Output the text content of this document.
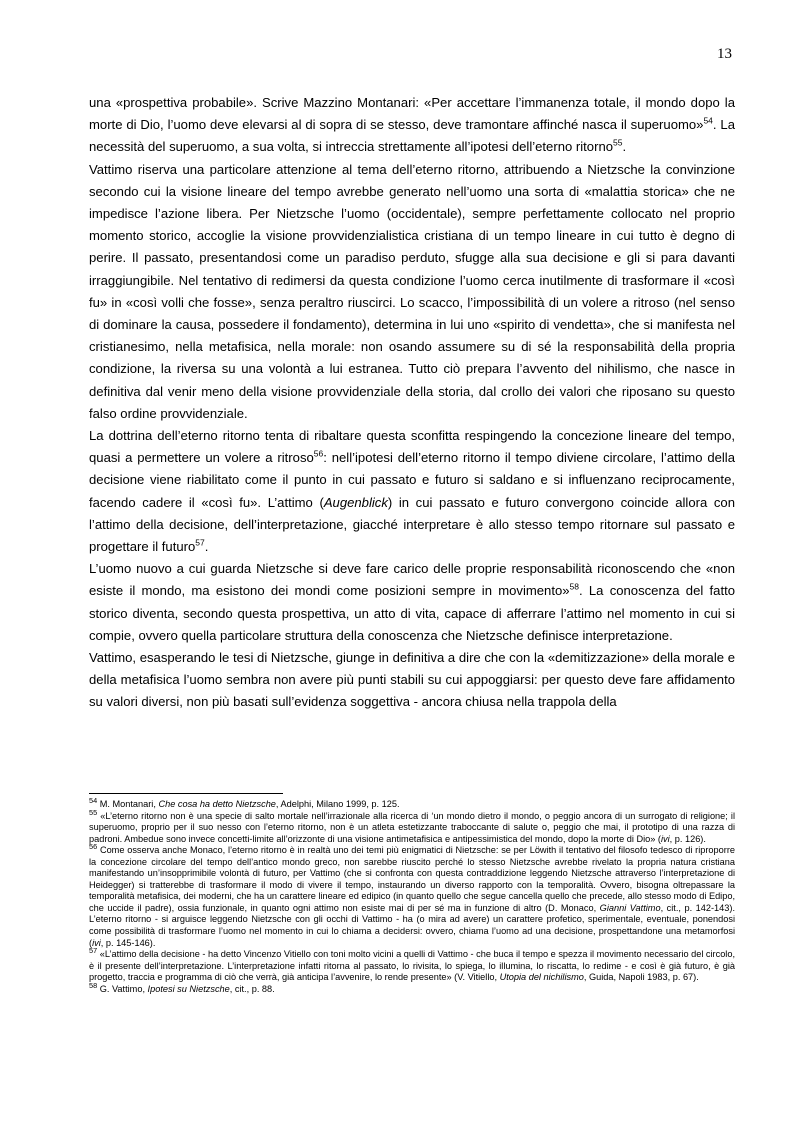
13

una «prospettiva probabile». Scrive Mazzino Montanari: «Per accettare l’immanenza totale, il mondo dopo la morte di Dio, l’uomo deve elevarsi al di sopra di se stesso, deve tramontare affinché nasca il superuomo»$^{54}$. La necessità del superuomo, a sua volta, si intreccia strettamente all’ipotesi dell’eterno ritorno$^{55}$.

Vattimo riserva una particolare attenzione al tema dell’eterno ritorno, attribuendo a Nietzsche la convinzione secondo cui la visione lineare del tempo avrebbe generato nell’uomo una sorta di «malattia storica» che ne impedisce l’azione libera. Per Nietzsche l’uomo (occidentale), sempre perfettamente collocato nel proprio momento storico, accoglie la visione provvidenzialistica cristiana di un tempo lineare in cui tutto è degno di perire. Il passato, presentandosi come un paradiso perduto, sfugge alla sua decisione e gli si para davanti irraggiungibile. Nel tentativo di redimersi da questa condizione l’uomo cerca inutilmente di trasformare il «così fu» in «così volli che fosse», senza peraltro riuscirci. Lo scacco, l’impossibilità di un volere a ritroso (nel senso di dominare la causa, possedere il fondamento), determina in lui uno «spirito di vendetta», che si manifesta nel cristianesimo, nella metafisica, nella morale: non osando assumere su di sé la responsabilità della propria condizione, la riversa su una volontà a lui estranea. Tutto ciò prepara l’avvento del nihilismo, che nasce in definitiva dal venir meno della visione provvidenziale della storia, dal crollo dei valori che riposano su questo falso ordine provvidenziale.

La dottrina dell’eterno ritorno tenta di ribaltare questa sconfitta respingendo la concezione lineare del tempo, quasi a permettere un volere a ritroso$^{56}$: nell’ipotesi dell’eterno ritorno il tempo diviene circolare, l’attimo della decisione viene riabilitato come il punto in cui passato e futuro si saldano e si influenzano reciprocamente, facendo cadere il «così fu». L’attimo (Augenblick) in cui passato e futuro convergono coincide allora con l’attimo della decisione, dell’interpretazione, giacché interpretare è allo stesso tempo ritornare sul passato e progettare il futuro$^{57}$.

L’uomo nuovo a cui guarda Nietzsche si deve fare carico delle proprie responsabilità riconoscendo che «non esiste il mondo, ma esistono dei mondi come posizioni sempre in movimento»$^{58}$. La conoscenza del fatto storico diventa, secondo questa prospettiva, un atto di vita, capace di afferrare l’attimo nel momento in cui si compie, ovvero quella particolare struttura della conoscenza che Nietzsche definisce interpretazione.

Vattimo, esasperando le tesi di Nietzsche, giunge in definitiva a dire che con la «demitizzazione» della morale e della metafisica l’uomo sembra non avere più punti stabili su cui appoggiarsi: per questo deve fare affidamento su valori diversi, non più basati sull’evidenza soggettiva - ancora chiusa nella trappola della

$^{54}$ M. Montanari, Che cosa ha detto Nietzsche, Adelphi, Milano 1999, p. 125.

$^{55}$ «L’eterno ritorno non è una specie di salto mortale nell’irrazionale alla ricerca di ‘un mondo dietro il mondo, o peggio ancora di un surrogato di religione; il superuomo, proprio per il suo nesso con l’eterno ritorno, non è un atleta estetizzante traboccante di salute o, peggio che mai, il prototipo di una razza di padroni. Ambedue sono invece concetti-limite all’orizzonte di una visione antimetafisica e antipessimistica del mondo, dopo la morte di Dio» (ivi, p. 126).

$^{56}$ Come osserva anche Monaco, l’eterno ritorno è in realtà uno dei temi più enigmatici di Nietzsche: se per Löwith il tentativo del filosofo tedesco di riproporre la concezione circolare del tempo dell’antico mondo greco, non sarebbe riuscito perché lo stesso Nietzsche avrebbe rivelato la propria natura cristiana manifestando un’insopprimibile volontà di futuro, per Vattimo (che si confronta con questa contraddizione leggendo Nietzsche attraverso l’interpretazione di Heidegger) si tratterebbe di trasformare il modo di vivere il tempo, instaurando un diverso rapporto con la temporalità. Ovvero, bisogna oltrepassare la temporalità metafisica, dei moderni, che ha un carattere lineare ed edipico (in quanto quello che segue cancella quello che precede, allo stesso modo di Edipo, che uccide il padre), ossia funzionale, in quanto ogni attimo non esiste mai di per sé ma in funzione di altro (D. Monaco, Gianni Vattimo, cit., p. 142-143). L’eterno ritorno - si arguisce leggendo Nietzsche con gli occhi di Vattimo - ha (o mira ad avere) un carattere profetico, sperimentale, eventuale, ponendosi come possibilità di trasformare l’uomo nel momento in cui lo chiama a decidersi: ovvero, chiama l’uomo ad una decisione, prospettandone una metamorfosi (ivi, p. 145-146).

$^{57}$ «L’attimo della decisione - ha detto Vincenzo Vitiello con toni molto vicini a quelli di Vattimo - che buca il tempo e spezza il movimento necessario del circolo, è il presente dell’interpretazione. L’interpretazione infatti ritorna al passato, lo rivisita, lo spiega, lo illumina, lo riscatta, lo redime - e così è già futuro, è già progetto, traccia e programma di ciò che verrà, già anticipa l’avvenire, lo rende presente» (V. Vitiello, Utopia del nichilismo, Guida, Napoli 1983, p. 67).

$^{58}$ G. Vattimo, Ipotesi su Nietzsche, cit., p. 88.
